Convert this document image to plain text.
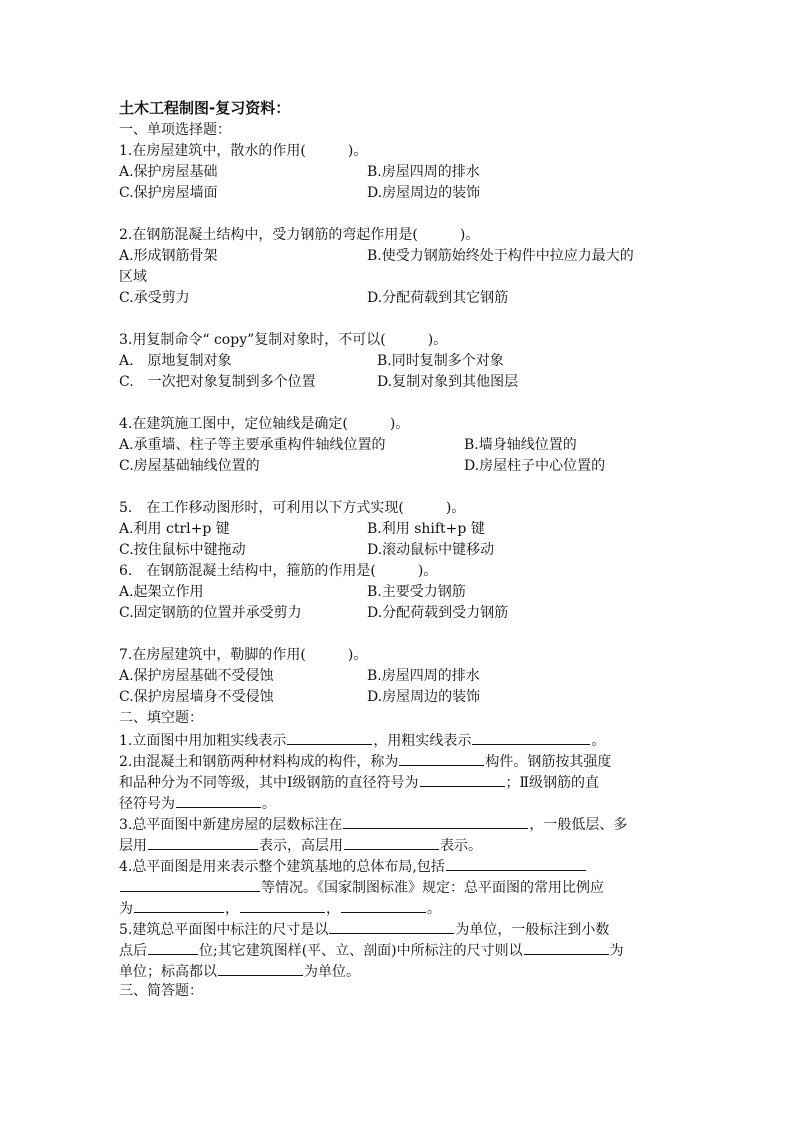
土木工程制图-复习资料：
一、单项选择题：
1.在房屋建筑中，散水的作用(　　　)。
A.保护房屋基础	B.房屋四周的排水
C.保护房屋墙面	D.房屋周边的装饰
2.在钢筋混凝土结构中，受力钢筋的弯起作用是(　　　)。
A.形成钢筋骨架	B.使受力钢筋始终处于构件中拉应力最大的
区域
C.承受剪力	D.分配荷载到其它钢筋
3.用复制命令“ copy”复制对象时，不可以(　　　)。
A.　原地复制对象	B.同时复制多个对象
C.　一次把对象复制到多个位置	D.复制对象到其他图层
4.在建筑施工图中，定位轴线是确定(　　　)。
A.承重墙、柱子等主要承重构件轴线位置的	B.墙身轴线位置的
C.房屋基础轴线位置的	D.房屋柱子中心位置的
5.　在工作移动图形时，可利用以下方式实现(　　　)。
A.利用 ctrl+p 键	B.利用 shift+p 键
C.按住鼠标中键拖动	D.滚动鼠标中键移动
6.　在钢筋混凝土结构中，箍筋的作用是(　　　)。
A.起架立作用	B.主要受力钢筋
C.固定钢筋的位置并承受剪力	D.分配荷载到受力钢筋
7.在房屋建筑中，勒脚的作用(　　　)。
A.保护房屋基础不受侵蚀	B.房屋四周的排水
C.保护房屋墙身不受侵蚀	D.房屋周边的装饰
二、填空题：
1.立面图中用加粗实线表示	，用粗实线表示	。
2.由混凝土和钢筋两种材料构成的构件，称为	构件。钢筋按其强度
和品种分为不同等级，其中Ⅰ级钢筋的直径符号为	；Ⅱ级钢筋的直
径符号为	。
3.总平面图中新建房屋的层数标注在	，一般低层、多
层用	表示，高层用	表示。
4.总平面图是用来表示整个建筑基地的总体布局,包括
等情况。《国家制图标准》规定：总平面图的常用比例应
为	，	，	。
5.建筑总平面图中标注的尺寸是以	为单位，一般标注到小数
点后	位;其它建筑图样(平、立、剖面)中所标注的尺寸则以	为
单位；标高都以	为单位。
三、简答题：
